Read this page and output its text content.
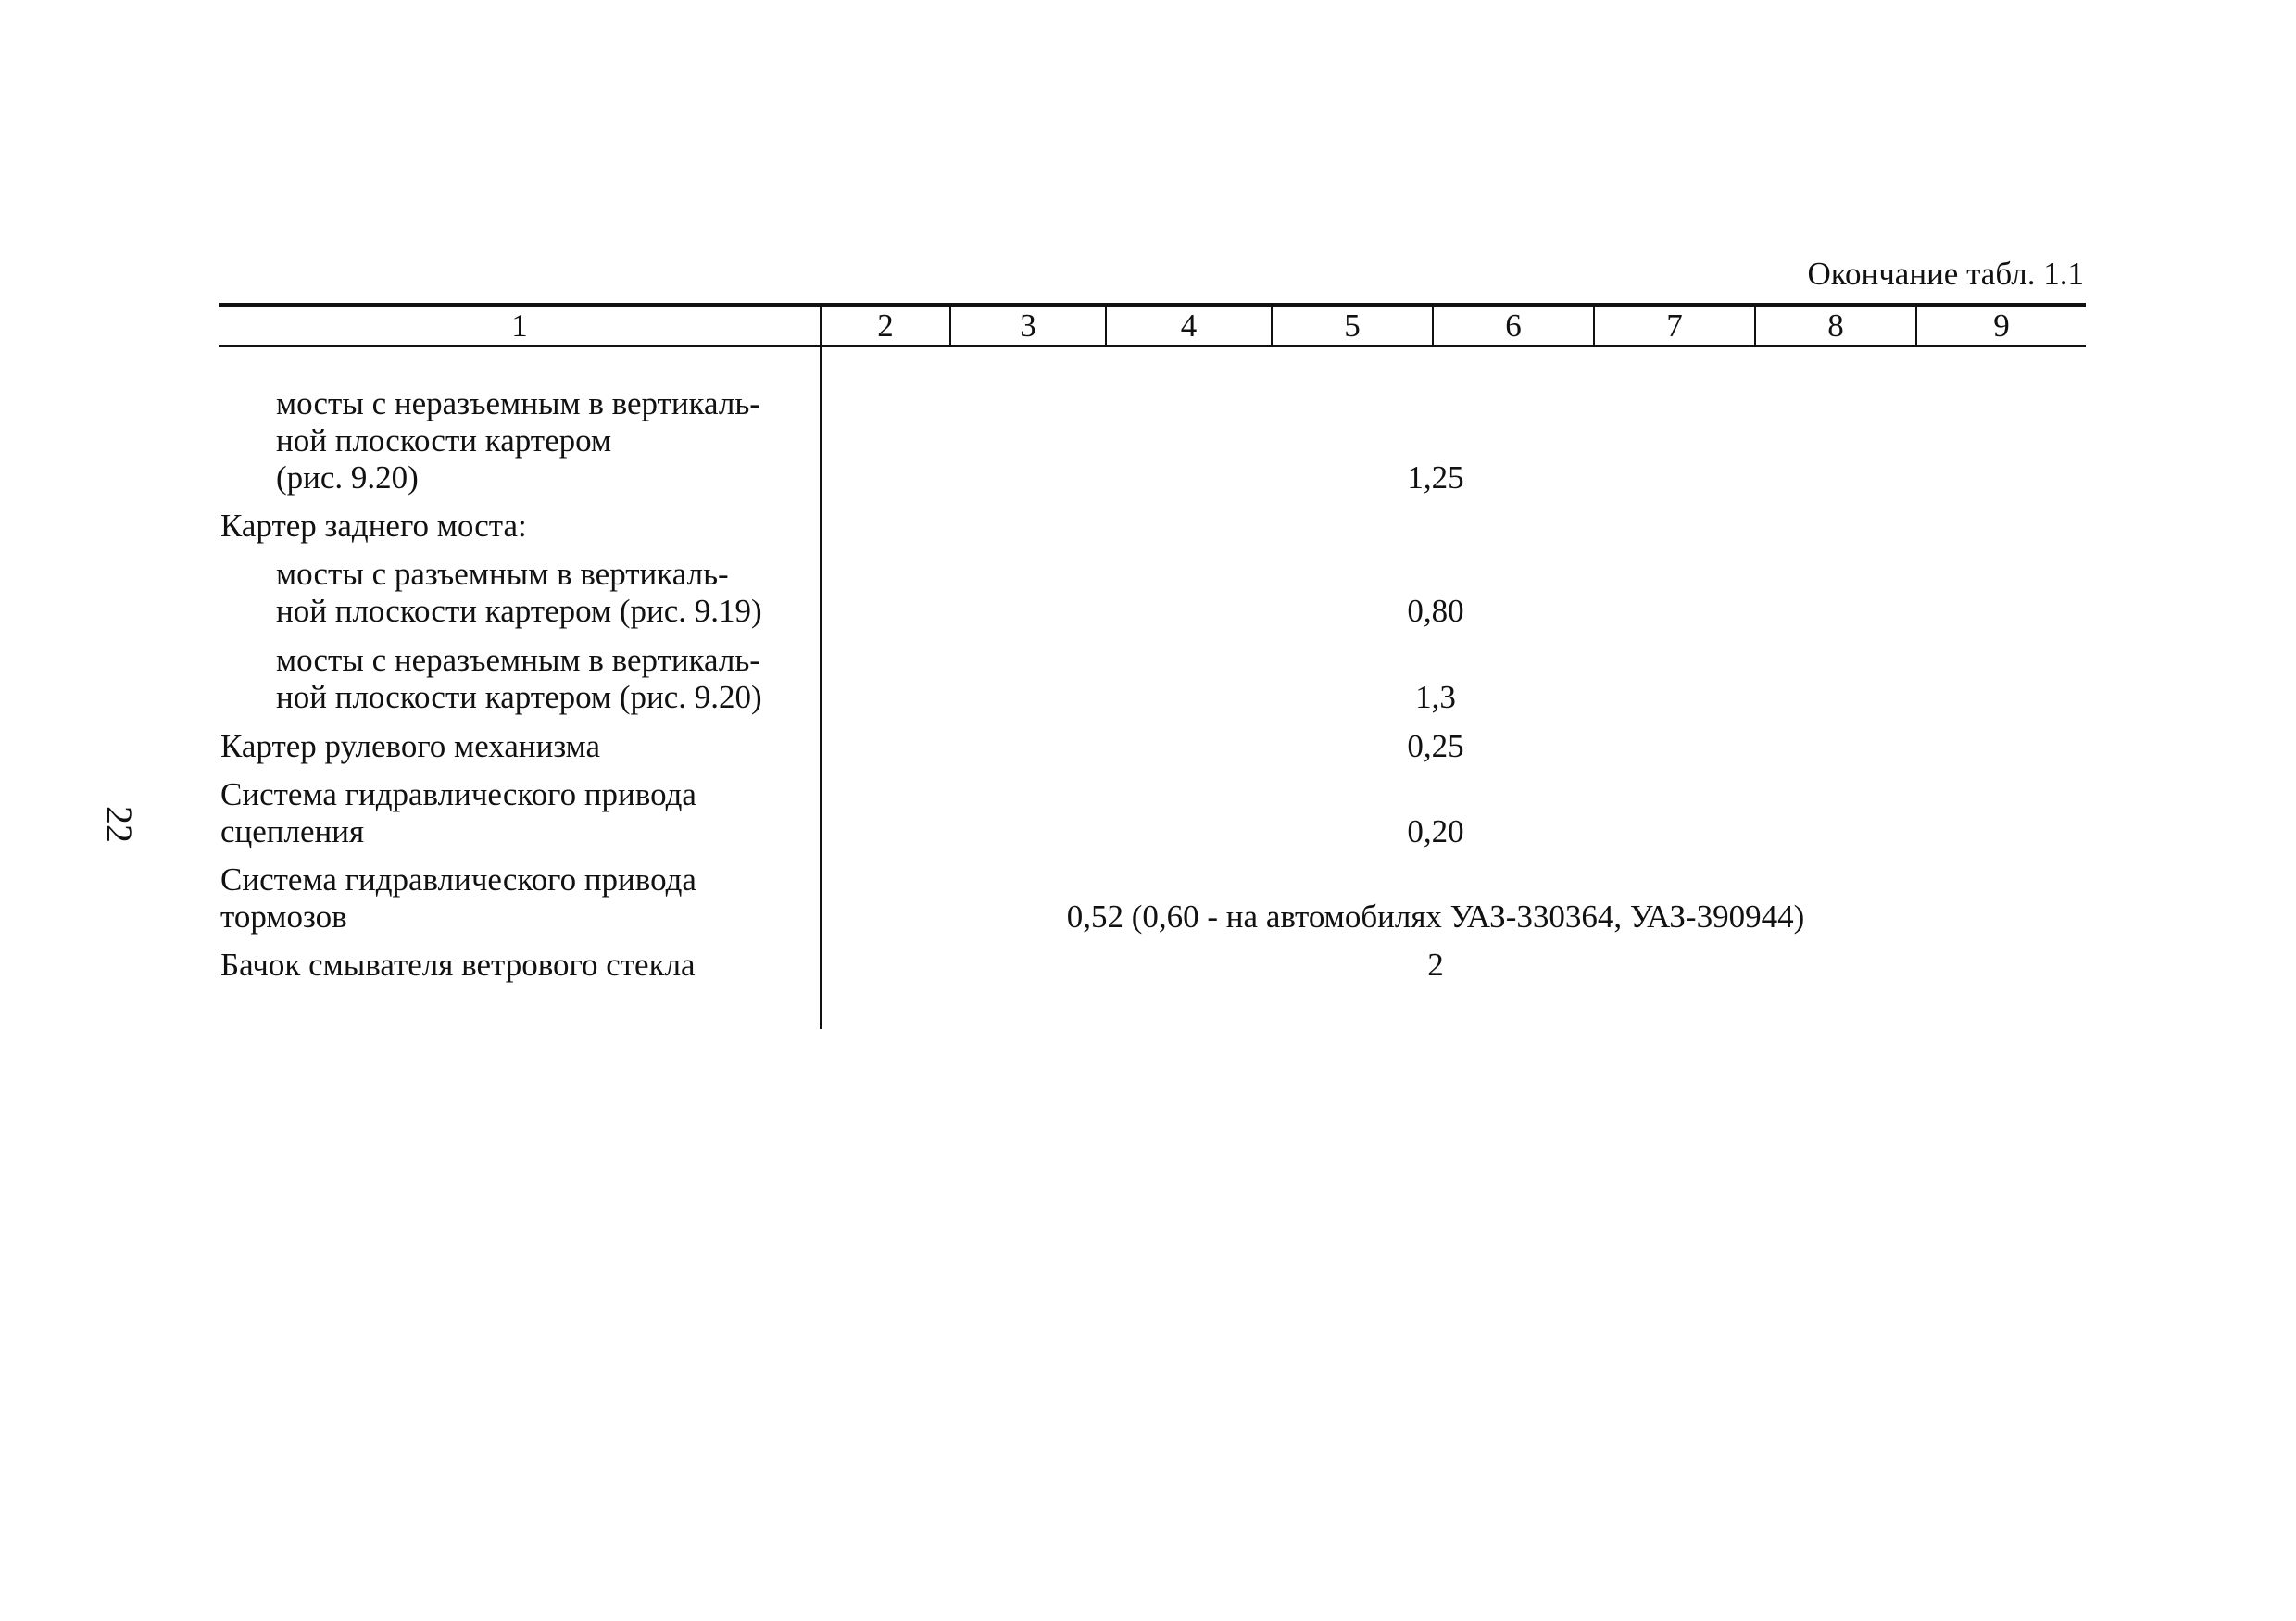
Окончание табл. 1.1
22
1	2	3	4	5	6	7	8	9
мосты с неразъемным в вертикаль-
ной плоскости картером
(рис. 9.20)	1,25
Картер заднего моста:
мосты с разъемным в вертикаль-
ной плоскости картером (рис. 9.19)	0,80
мосты с неразъемным в вертикаль-
ной плоскости картером (рис. 9.20)	1,3
Картер рулевого механизма	0,25
Система гидравлического привода
сцепления	0,20
Система гидравлического привода
тормозов	0,52 (0,60 - на автомобилях УАЗ-330364, УАЗ-390944)
Бачок смывателя ветрового стекла	2
